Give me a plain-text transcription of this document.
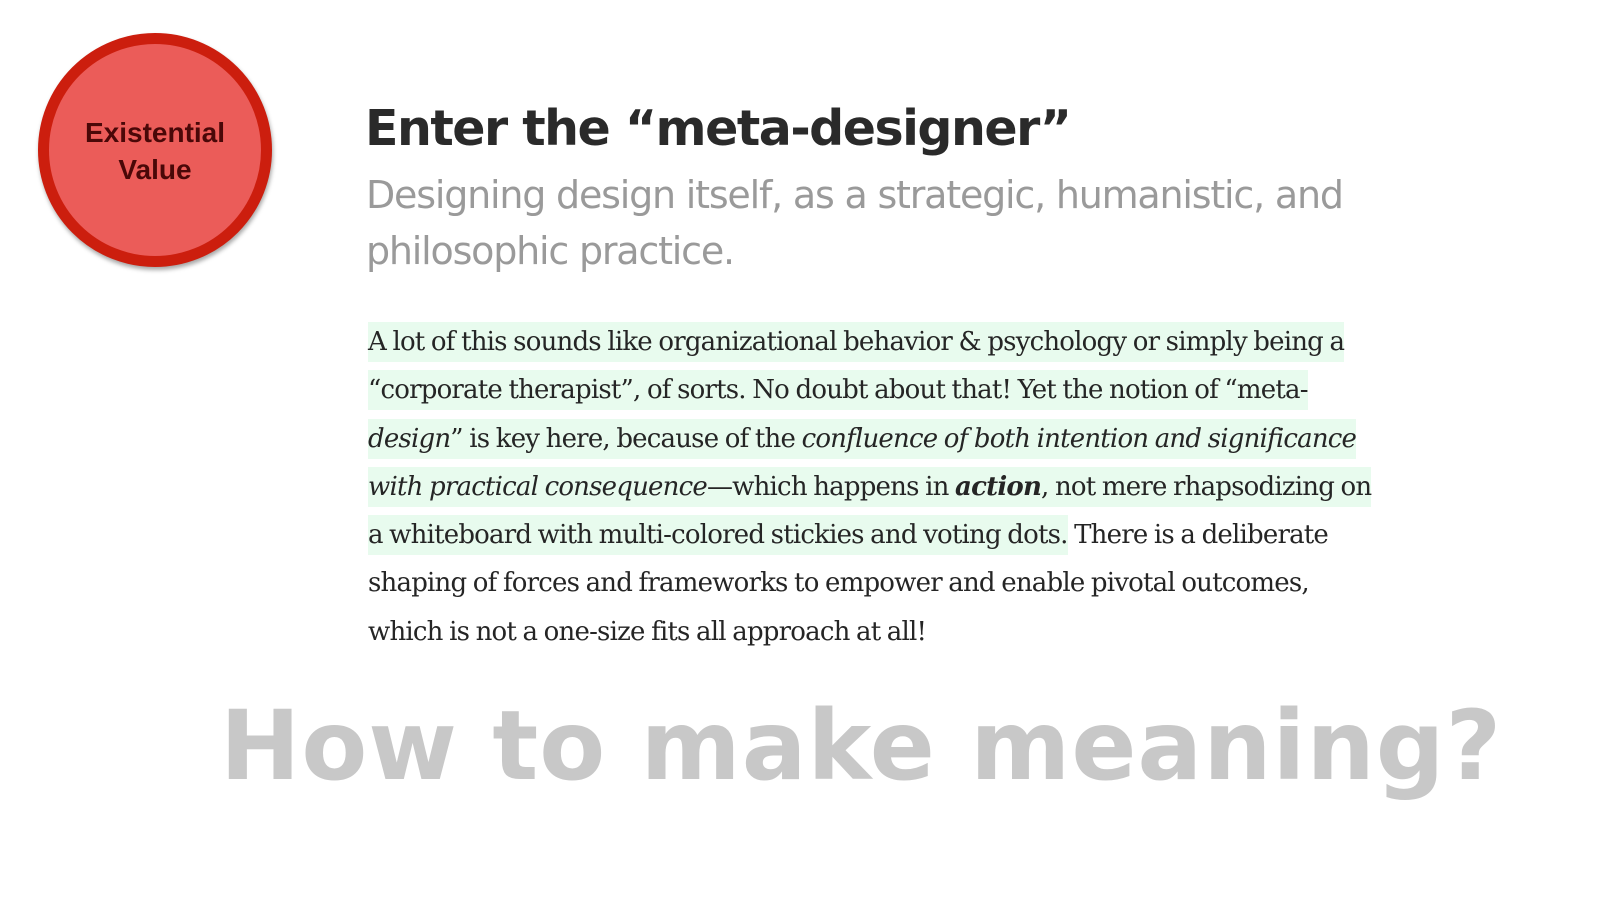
Existential
Value
Enter the “meta-designer”

Designing design itself, as a strategic, humanistic, and philosophic practice.

A lot of this sounds like organizational behavior & psychology or simply being a “corporate therapist”, of sorts. No doubt about that! Yet the notion of “meta-design” is key here, because of the confluence of both intention and significance with practical consequence—which happens in action, not mere rhapsodizing on a whiteboard with multi-colored stickies and voting dots. There is a deliberate shaping of forces and frameworks to empower and enable pivotal outcomes, which is not a one-size fits all approach at all!

How to make meaning?
